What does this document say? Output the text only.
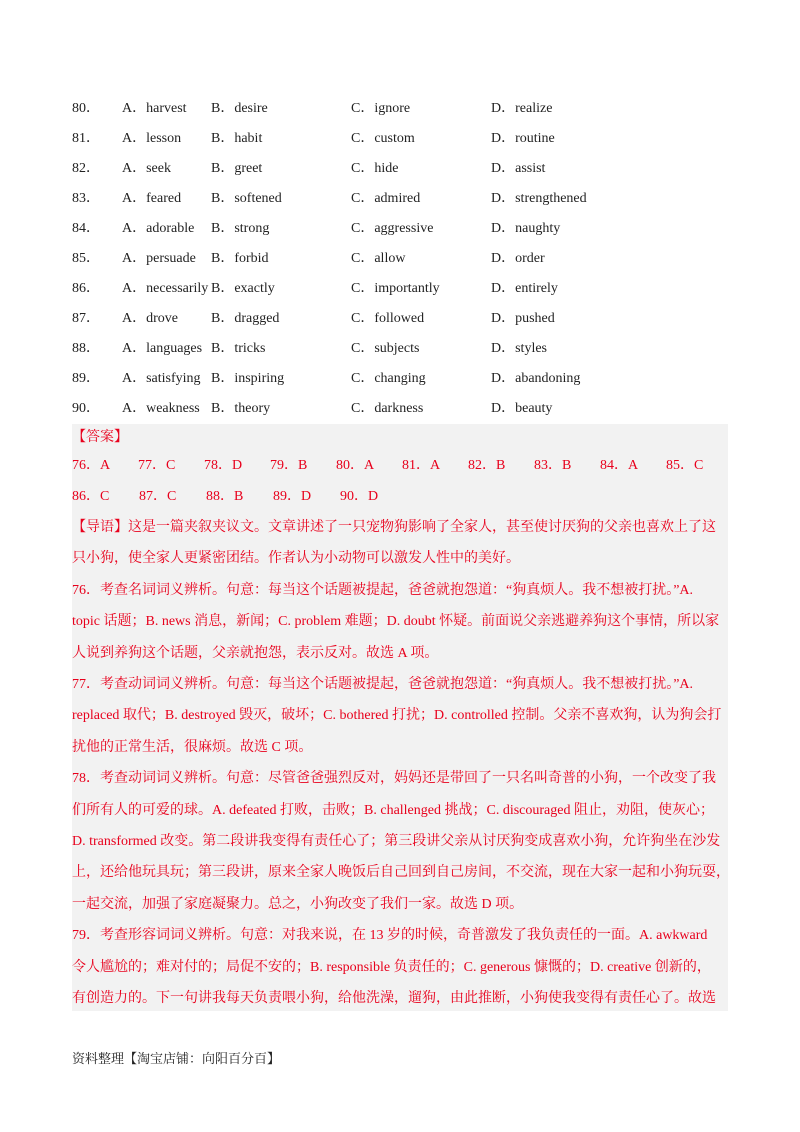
80．	A．harvest	B．desire	C．ignore	D．realize
81．	A．lesson	B．habit	C．custom	D．routine
82．	A．seek	B．greet	C．hide	D．assist
83．	A．feared	B．softened	C．admired	D．strengthened
84．	A．adorable	B．strong	C．aggressive	D．naughty
85．	A．persuade	B．forbid	C．allow	D．order
86．	A．necessarily B．exactly	C．importantly	D．entirely
87．	A．drove	B．dragged	C．followed	D．pushed
88．	A．languages B．tricks	C．subjects	D．styles
89．	A．satisfying B．inspiring	C．changing	D．abandoning
90．	A．weakness B．theory	C．darkness	D．beauty
【答案】
76．A	77．C	78．D	79．B	80．A	81．A	82．B	83．B	84．A	85．C
86．C	87．C	88．B	89．D	90．D
【导语】这是一篇夹叙夹议文。文章讲述了一只宠物狗影响了全家人，甚至使讨厌狗的父亲也喜欢上了这
只小狗，使全家人更紧密团结。作者认为小动物可以激发人性中的美好。
76．考查名词词义辨析。句意：每当这个话题被提起，爸爸就抱怨道：“狗真烦人。我不想被打扰。”A.
topic 话题；B. news 消息，新闻；C. problem 难题；D. doubt 怀疑。前面说父亲逃避养狗这个事情，所以家
人说到养狗这个话题，父亲就抱怨，表示反对。故选 A 项。
77．考查动词词义辨析。句意：每当这个话题被提起，爸爸就抱怨道：“狗真烦人。我不想被打扰。”A.
replaced 取代；B. destroyed 毁灭，破坏；C. bothered 打扰；D. controlled 控制。父亲不喜欢狗，认为狗会打
扰他的正常生活，很麻烦。故选 C 项。
78．考查动词词义辨析。句意：尽管爸爸强烈反对，妈妈还是带回了一只名叫奇普的小狗，一个改变了我
们所有人的可爱的球。A. defeated 打败，击败；B. challenged 挑战；C. discouraged 阻止，劝阻，使灰心；
D. transformed 改变。第二段讲我变得有责任心了；第三段讲父亲从讨厌狗变成喜欢小狗，允许狗坐在沙发
上，还给他玩具玩；第三段讲，原来全家人晚饭后自己回到自己房间，不交流，现在大家一起和小狗玩耍，
一起交流，加强了家庭凝聚力。总之，小狗改变了我们一家。故选 D 项。
79．考查形容词词义辨析。句意：对我来说，在 13 岁的时候，奇普激发了我负责任的一面。A. awkward
令人尴尬的；难对付的；局促不安的；B. responsible 负责任的；C. generous 慷慨的；D. creative 创新的，
有创造力的。下一句讲我每天负责喂小狗，给他洗澡，遛狗，由此推断，小狗使我变得有责任心了。故选
资料整理【淘宝店铺：向阳百分百】
